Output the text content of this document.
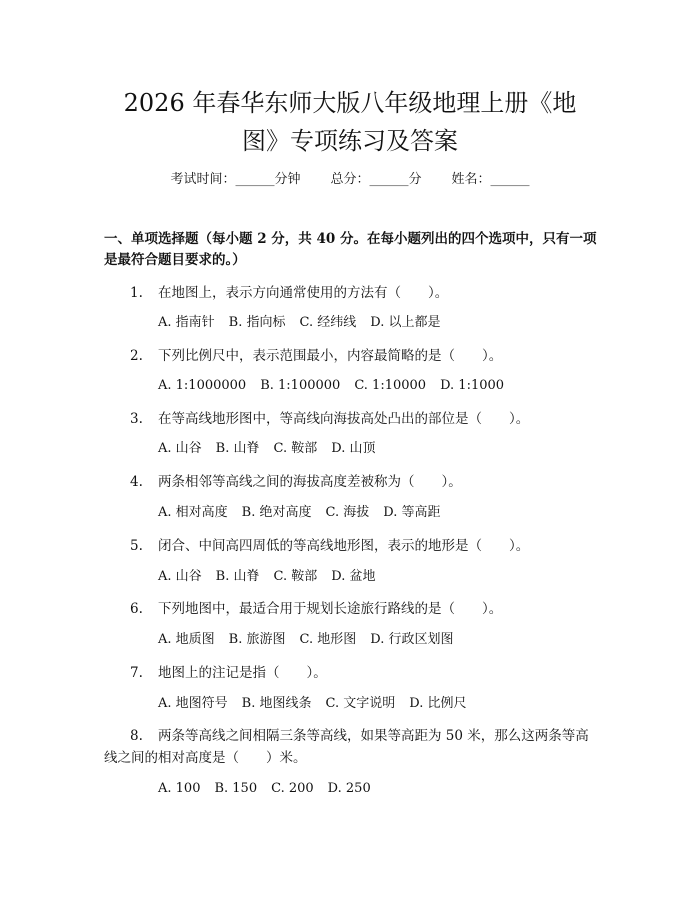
2026 年春华东师大版八年级地理上册《地
图》专项练习及答案
考试时间：______分钟 总分：______分 姓名：______

一、单项选择题（每小题 2 分，共 40 分。在每小题列出的四个选项中，只有一项是最符合题目要求的。）

1.	在地图上，表示方向通常使用的方法有（　　）。
A. 指南针 B. 指向标 C. 经纬线 D. 以上都是
2.	下列比例尺中，表示范围最小，内容最简略的是（　　）。
A. 1:1000000 B. 1:100000 C. 1:10000 D. 1:1000
3.	在等高线地形图中，等高线向海拔高处凸出的部位是（　　）。
A. 山谷 B. 山脊 C. 鞍部 D. 山顶
4.	两条相邻等高线之间的海拔高度差被称为（　　）。
A. 相对高度 B. 绝对高度 C. 海拔 D. 等高距
5.	闭合、中间高四周低的等高线地形图，表示的地形是（　　）。
A. 山谷 B. 山脊 C. 鞍部 D. 盆地
6.	下列地图中，最适合用于规划长途旅行路线的是（　　）。
A. 地质图 B. 旅游图 C. 地形图 D. 行政区划图
7.	地图上的注记是指（　　）。
A. 地图符号 B. 地图线条 C. 文字说明 D. 比例尺
8.	两条等高线之间相隔三条等高线，如果等高距为 50 米，那么这两条等高线之间的相对高度是（　　）米。
A. 100 B. 150 C. 200 D. 250
